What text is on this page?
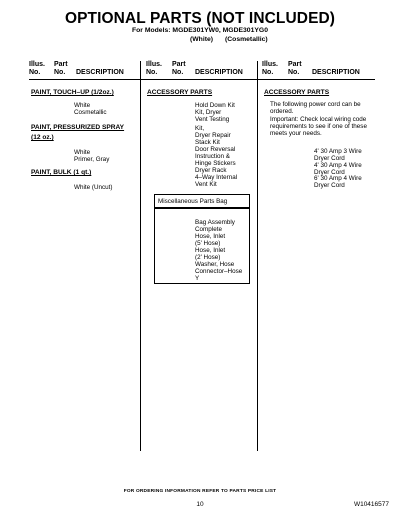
OPTIONAL PARTS (NOT INCLUDED)
For Models: MGDE301YW0, MGDE301YG0
(White) (Cosmetallic)
Illus.
No.
Part
No.	DESCRIPTION
Illus.
No.
Part
No.	DESCRIPTION
Illus.
No.
Part
No.	DESCRIPTION
PAINT, TOUCH–UP (1/2oz.)
White
Cosmetallic
PAINT, PRESSURIZED SPRAY
(12 oz.)
White
Primer, Gray
PAINT, BULK (1 qt.)
White (Uncut)
ACCESSORY PARTS
Hold Down Kit
Kit, Dryer
Vent Testing
Kit,
Dryer Repair
Stack Kit
Door Reversal
Instruction &
Hinge Stickers
Dryer Rack
4–Way Internal
Vent Kit
Miscellaneous Parts Bag
Bag Assembly
Complete
Hose, Inlet
(5' Hose)
Hose, Inlet
(2' Hose)
Washer, Hose
Connector–Hose
Y
ACCESSORY PARTS
The following power cord can be
ordered.
Important: Check local wiring code
requirements to see if one of these
meets your needs.
4' 30 Amp 3 Wire
Dryer Cord
4' 30 Amp 4 Wire
Dryer Cord
6' 30 Amp 4 Wire
Dryer Cord
FOR ORDERING INFORMATION REFER TO PARTS PRICE LIST
10	W10416577
